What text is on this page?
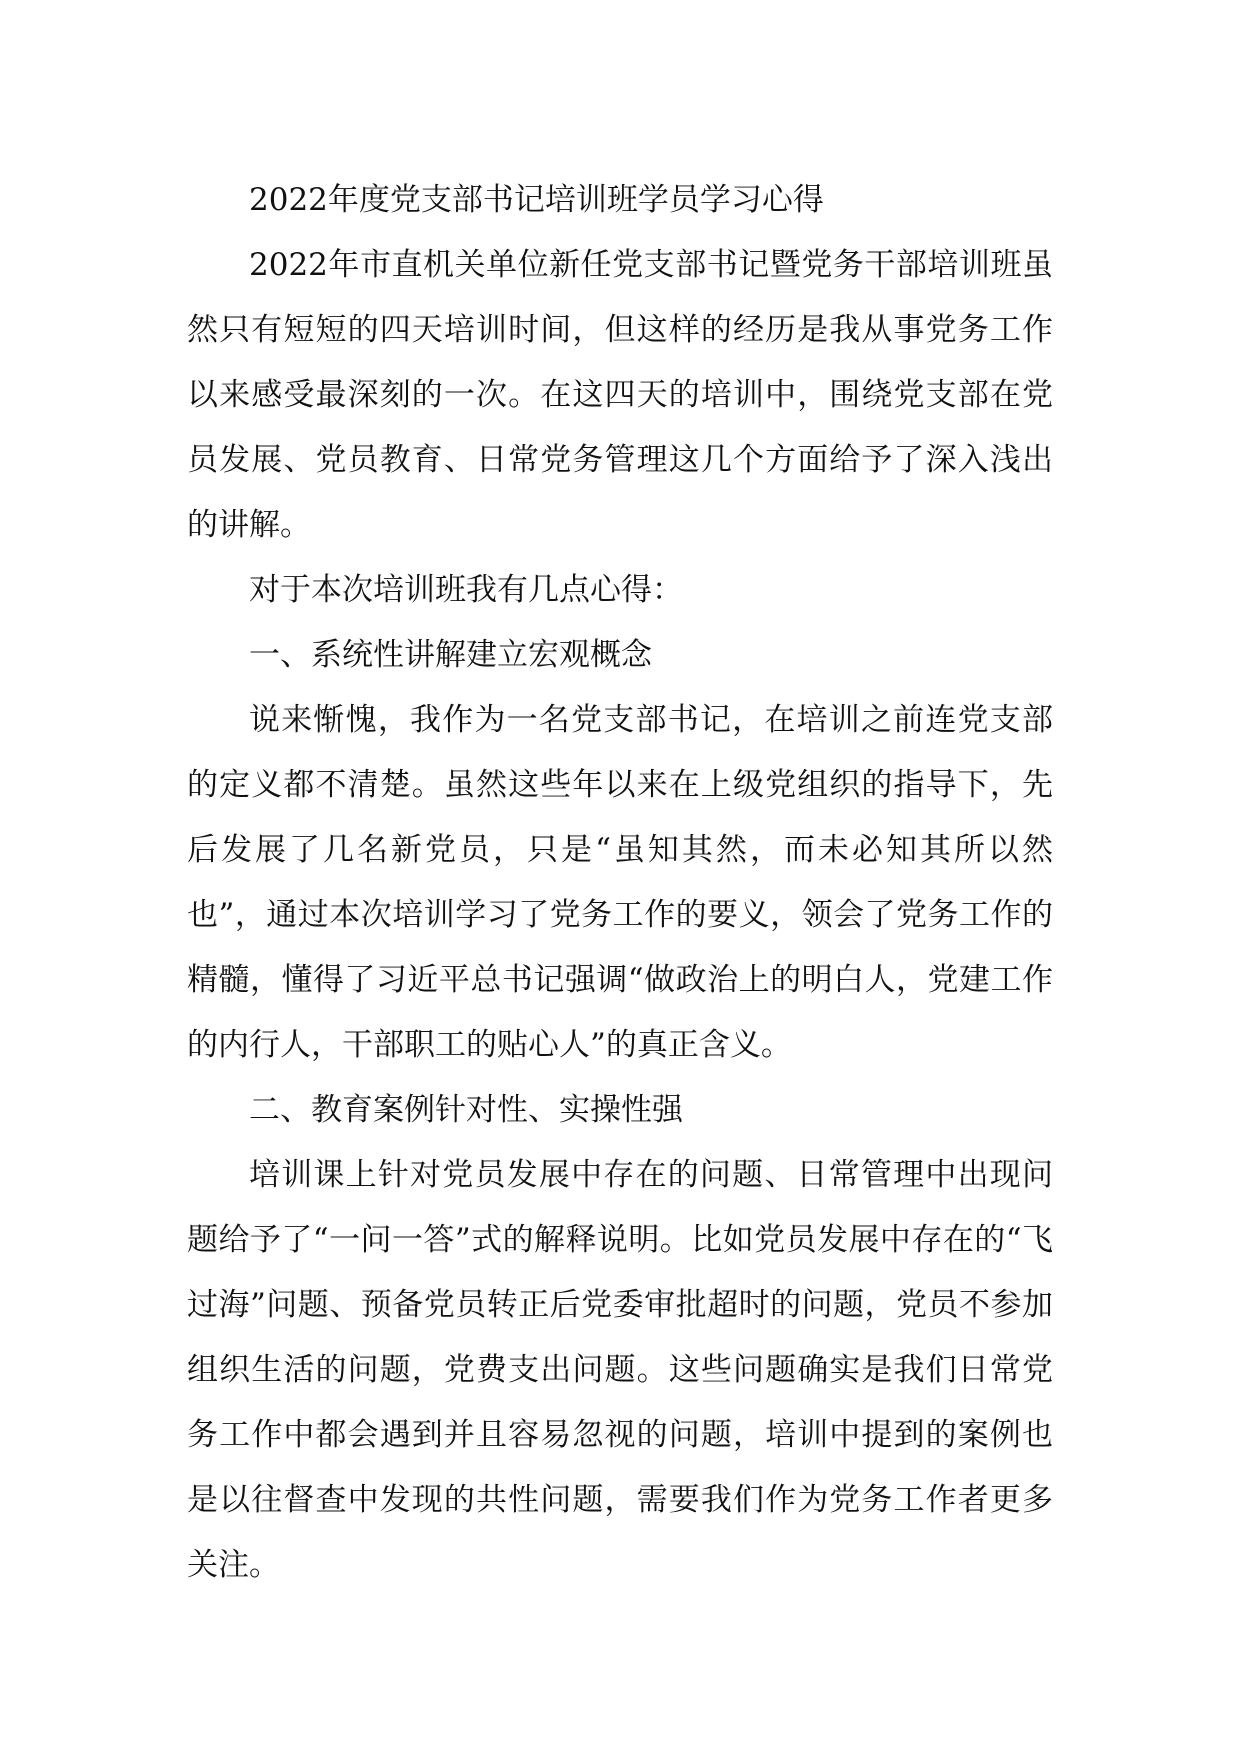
2022年度党支部书记培训班学员学习心得

2022年市直机关单位新任党支部书记暨党务干部培训班虽然只有短短的四天培训时间，但这样的经历是我从事党务工作以来感受最深刻的一次。在这四天的培训中，围绕党支部在党员发展、党员教育、日常党务管理这几个方面给予了深入浅出的讲解。

对于本次培训班我有几点心得：

一、系统性讲解建立宏观概念

说来惭愧，我作为一名党支部书记，在培训之前连党支部的定义都不清楚。虽然这些年以来在上级党组织的指导下，先后发展了几名新党员，只是“虽知其然，而未必知其所以然也”，通过本次培训学习了党务工作的要义，领会了党务工作的精髓，懂得了习近平总书记强调“做政治上的明白人，党建工作的内行人，干部职工的贴心人”的真正含义。

二、教育案例针对性、实操性强

培训课上针对党员发展中存在的问题、日常管理中出现问题给予了“一问一答”式的解释说明。比如党员发展中存在的“飞过海”问题、预备党员转正后党委审批超时的问题，党员不参加组织生活的问题，党费支出问题。这些问题确实是我们日常党务工作中都会遇到并且容易忽视的问题，培训中提到的案例也是以往督查中发现的共性问题，需要我们作为党务工作者更多关注。
